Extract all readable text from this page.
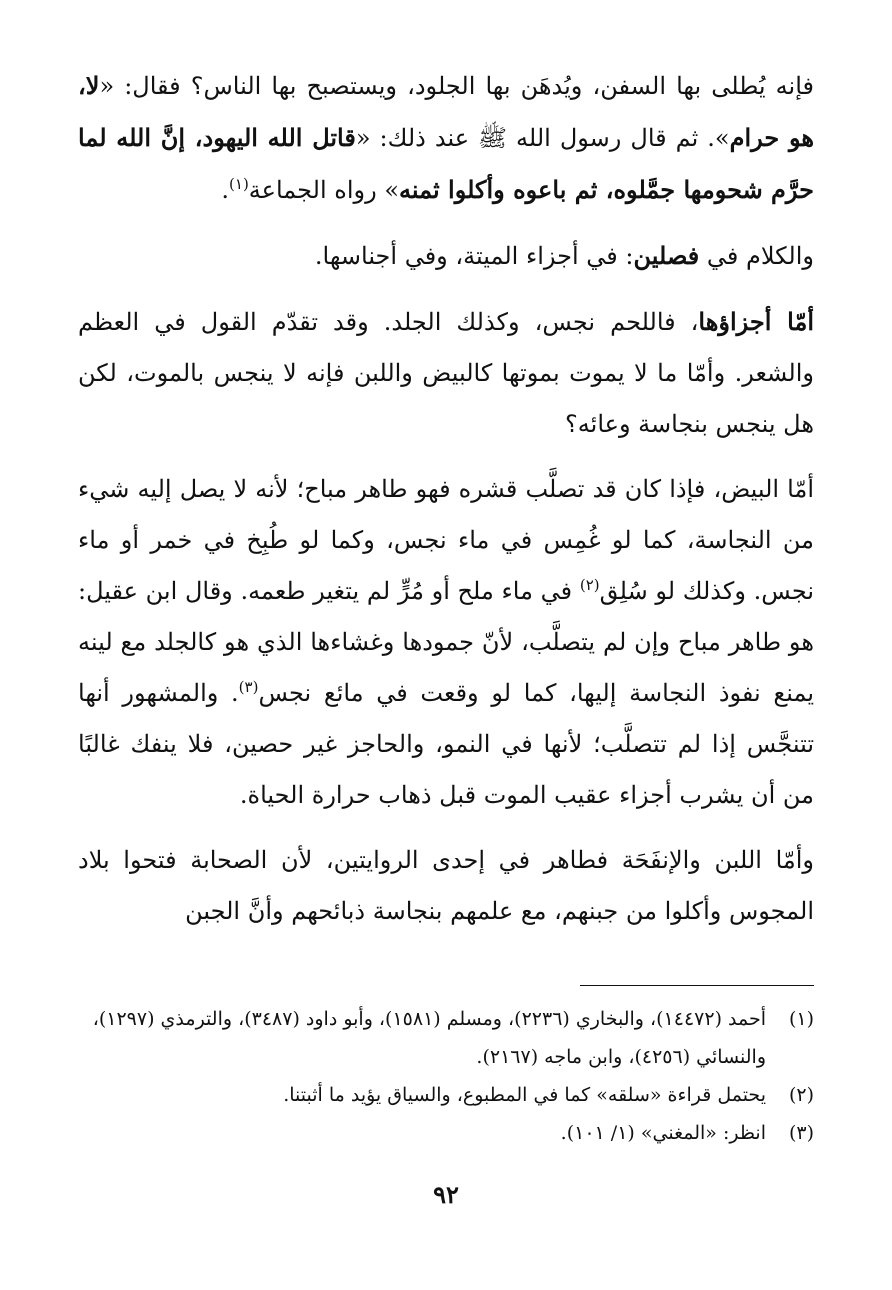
فإنه يُطلى بها السفن، ويُدهَن بها الجلود، ويستصبح بها الناس؟ فقال: «لا، هو حرام». ثم قال رسول الله ﷺ عند ذلك: «قاتل الله اليهود، إنَّ الله لما حرَّم شحومها جمَّلوه، ثم باعوه وأكلوا ثمنه» رواه الجماعة$^{(١)}$.

والكلام في فصلين: في أجزاء الميتة، وفي أجناسها.

أمّا أجزاؤها، فاللحم نجس، وكذلك الجلد. وقد تقدّم القول في العظم والشعر. وأمّا ما لا يموت بموتها كالبيض واللبن فإنه لا ينجس بالموت، لكن هل ينجس بنجاسة وعائه؟

أمّا البيض، فإذا كان قد تصلَّب قشره فهو طاهر مباح؛ لأنه لا يصل إليه شيء من النجاسة، كما لو غُمِس في ماء نجس، وكما لو طُبِخ في خمر أو ماء نجس. وكذلك لو سُلِق$^{(٢)}$ في ماء ملح أو مُرٍّ لم يتغير طعمه. وقال ابن عقيل: هو طاهر مباح وإن لم يتصلَّب، لأنّ جمودها وغشاءها الذي هو كالجلد مع لينه يمنع نفوذ النجاسة إليها، كما لو وقعت في مائع نجس$^{(٣)}$. والمشهور أنها تتنجَّس إذا لم تتصلَّب؛ لأنها في النمو، والحاجز غير حصين، فلا ينفك غالبًا من أن يشرب أجزاء عقيب الموت قبل ذهاب حرارة الحياة.

وأمّا اللبن والإنفَحَة فطاهر في إحدى الروايتين، لأن الصحابة فتحوا بلاد المجوس وأكلوا من جبنهم، مع علمهم بنجاسة ذبائحهم وأنَّ الجبن

(١)
أحمد (١٤٤٧٢)، والبخاري (٢٢٣٦)، ومسلم (١٥٨١)، وأبو داود (٣٤٨٧)، والترمذي (١٢٩٧)، والنسائي (٤٢٥٦)، وابن ماجه (٢١٦٧).
(٢)
يحتمل قراءة «سلقه» كما في المطبوع، والسياق يؤيد ما أثبتنا.
(٣)
انظر: «المغني» (١/ ١٠١).
٩٢
